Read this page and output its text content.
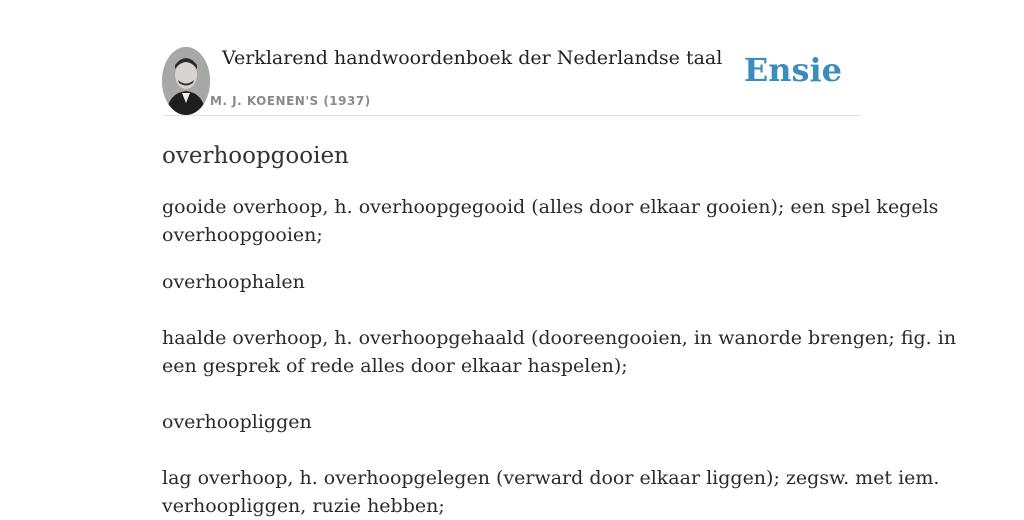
Verklarend handwoordenboek der Nederlandse taal
M. J. KOENEN'S (1937)
Ensie
overhoopgooien

gooide overhoop, h. overhoopgegooid (alles door elkaar gooien); een spel kegels

overhoopgooien;

overhoophalen

haalde overhoop, h. overhoopgehaald (dooreengooien, in wanorde brengen; fig. in

een gesprek of rede alles door elkaar haspelen);

overhoopliggen

lag overhoop, h. overhoopgelegen (verward door elkaar liggen); zegsw. met iem.

verhoopliggen, ruzie hebben;
